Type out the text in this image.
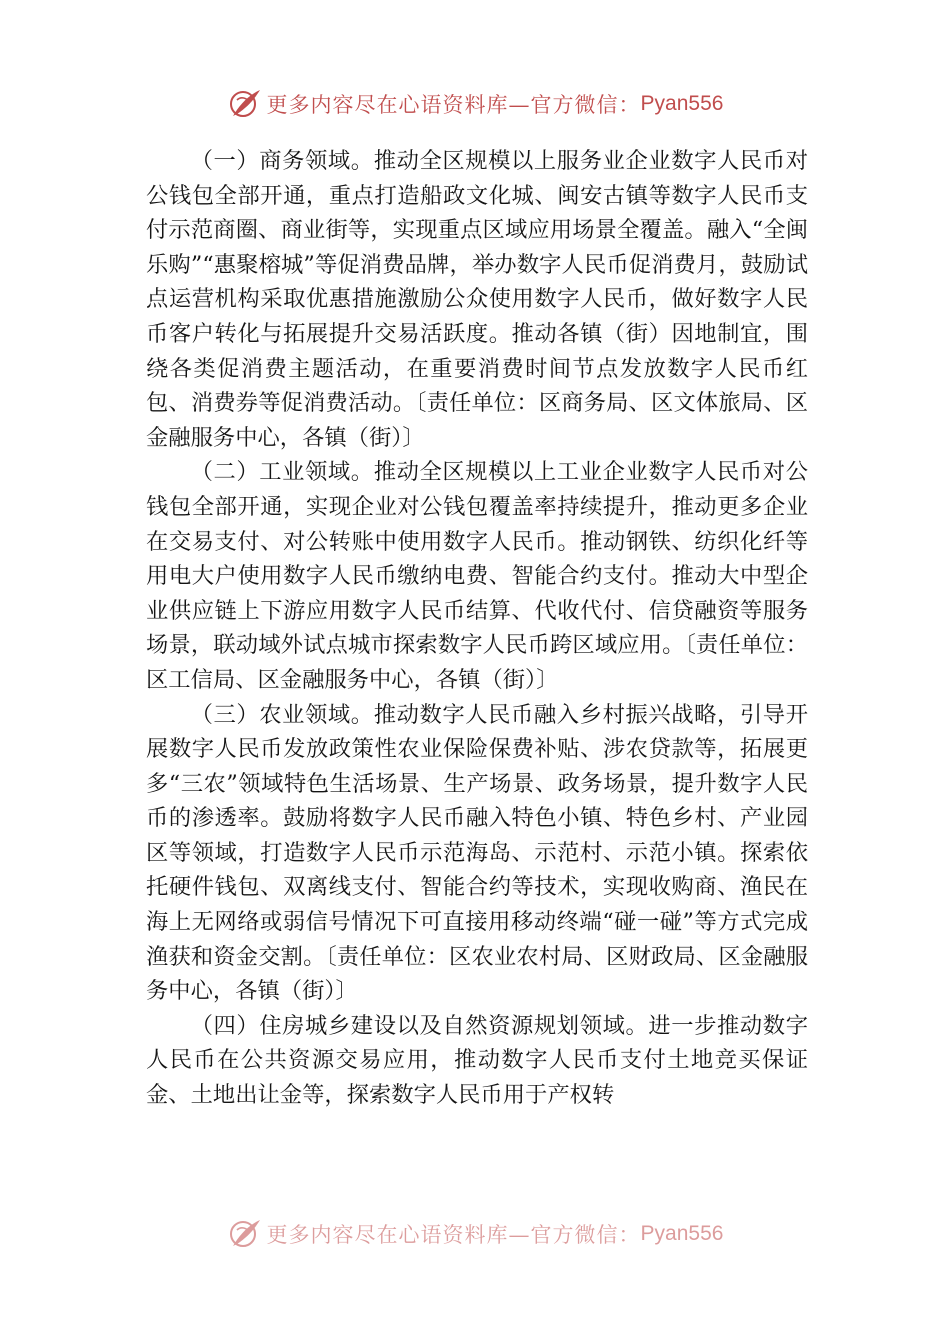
更多内容尽在心语资料库—官方微信： Pyan556

（一）商务领域。推动全区规模以上服务业企业数字人民币对公钱包全部开通，重点打造船政文化城、闽安古镇等数字人民币支付示范商圈、商业街等，实现重点区域应用场景全覆盖。融入“全闽乐购”“惠聚榕城”等促消费品牌，举办数字人民币促消费月，鼓励试点运营机构采取优惠措施激励公众使用数字人民币，做好数字人民币客户转化与拓展提升交易活跃度。推动各镇（街）因地制宜，围绕各类促消费主题活动，在重要消费时间节点发放数字人民币红包、消费券等促消费活动。〔责任单位：区商务局、区文体旅局、区金融服务中心，各镇（街）〕

（二）工业领域。推动全区规模以上工业企业数字人民币对公钱包全部开通，实现企业对公钱包覆盖率持续提升，推动更多企业在交易支付、对公转账中使用数字人民币。推动钢铁、纺织化纤等用电大户使用数字人民币缴纳电费、智能合约支付。推动大中型企业供应链上下游应用数字人民币结算、代收代付、信贷融资等服务场景，联动域外试点城市探索数字人民币跨区域应用。〔责任单位：区工信局、区金融服务中心，各镇（街）〕

（三）农业领域。推动数字人民币融入乡村振兴战略，引导开展数字人民币发放政策性农业保险保费补贴、涉农贷款等，拓展更多“三农”领域特色生活场景、生产场景、政务场景，提升数字人民币的渗透率。鼓励将数字人民币融入特色小镇、特色乡村、产业园区等领域，打造数字人民币示范海岛、示范村、示范小镇。探索依托硬件钱包、双离线支付、智能合约等技术，实现收购商、渔民在海上无网络或弱信号情况下可直接用移动终端“碰一碰”等方式完成渔获和资金交割。〔责任单位：区农业农村局、区财政局、区金融服务中心，各镇（街）〕

（四）住房城乡建设以及自然资源规划领域。进一步推动数字人民币在公共资源交易应用，推动数字人民币支付土地竞买保证金、土地出让金等，探索数字人民币用于产权转

更多内容尽在心语资料库—官方微信： Pyan556
